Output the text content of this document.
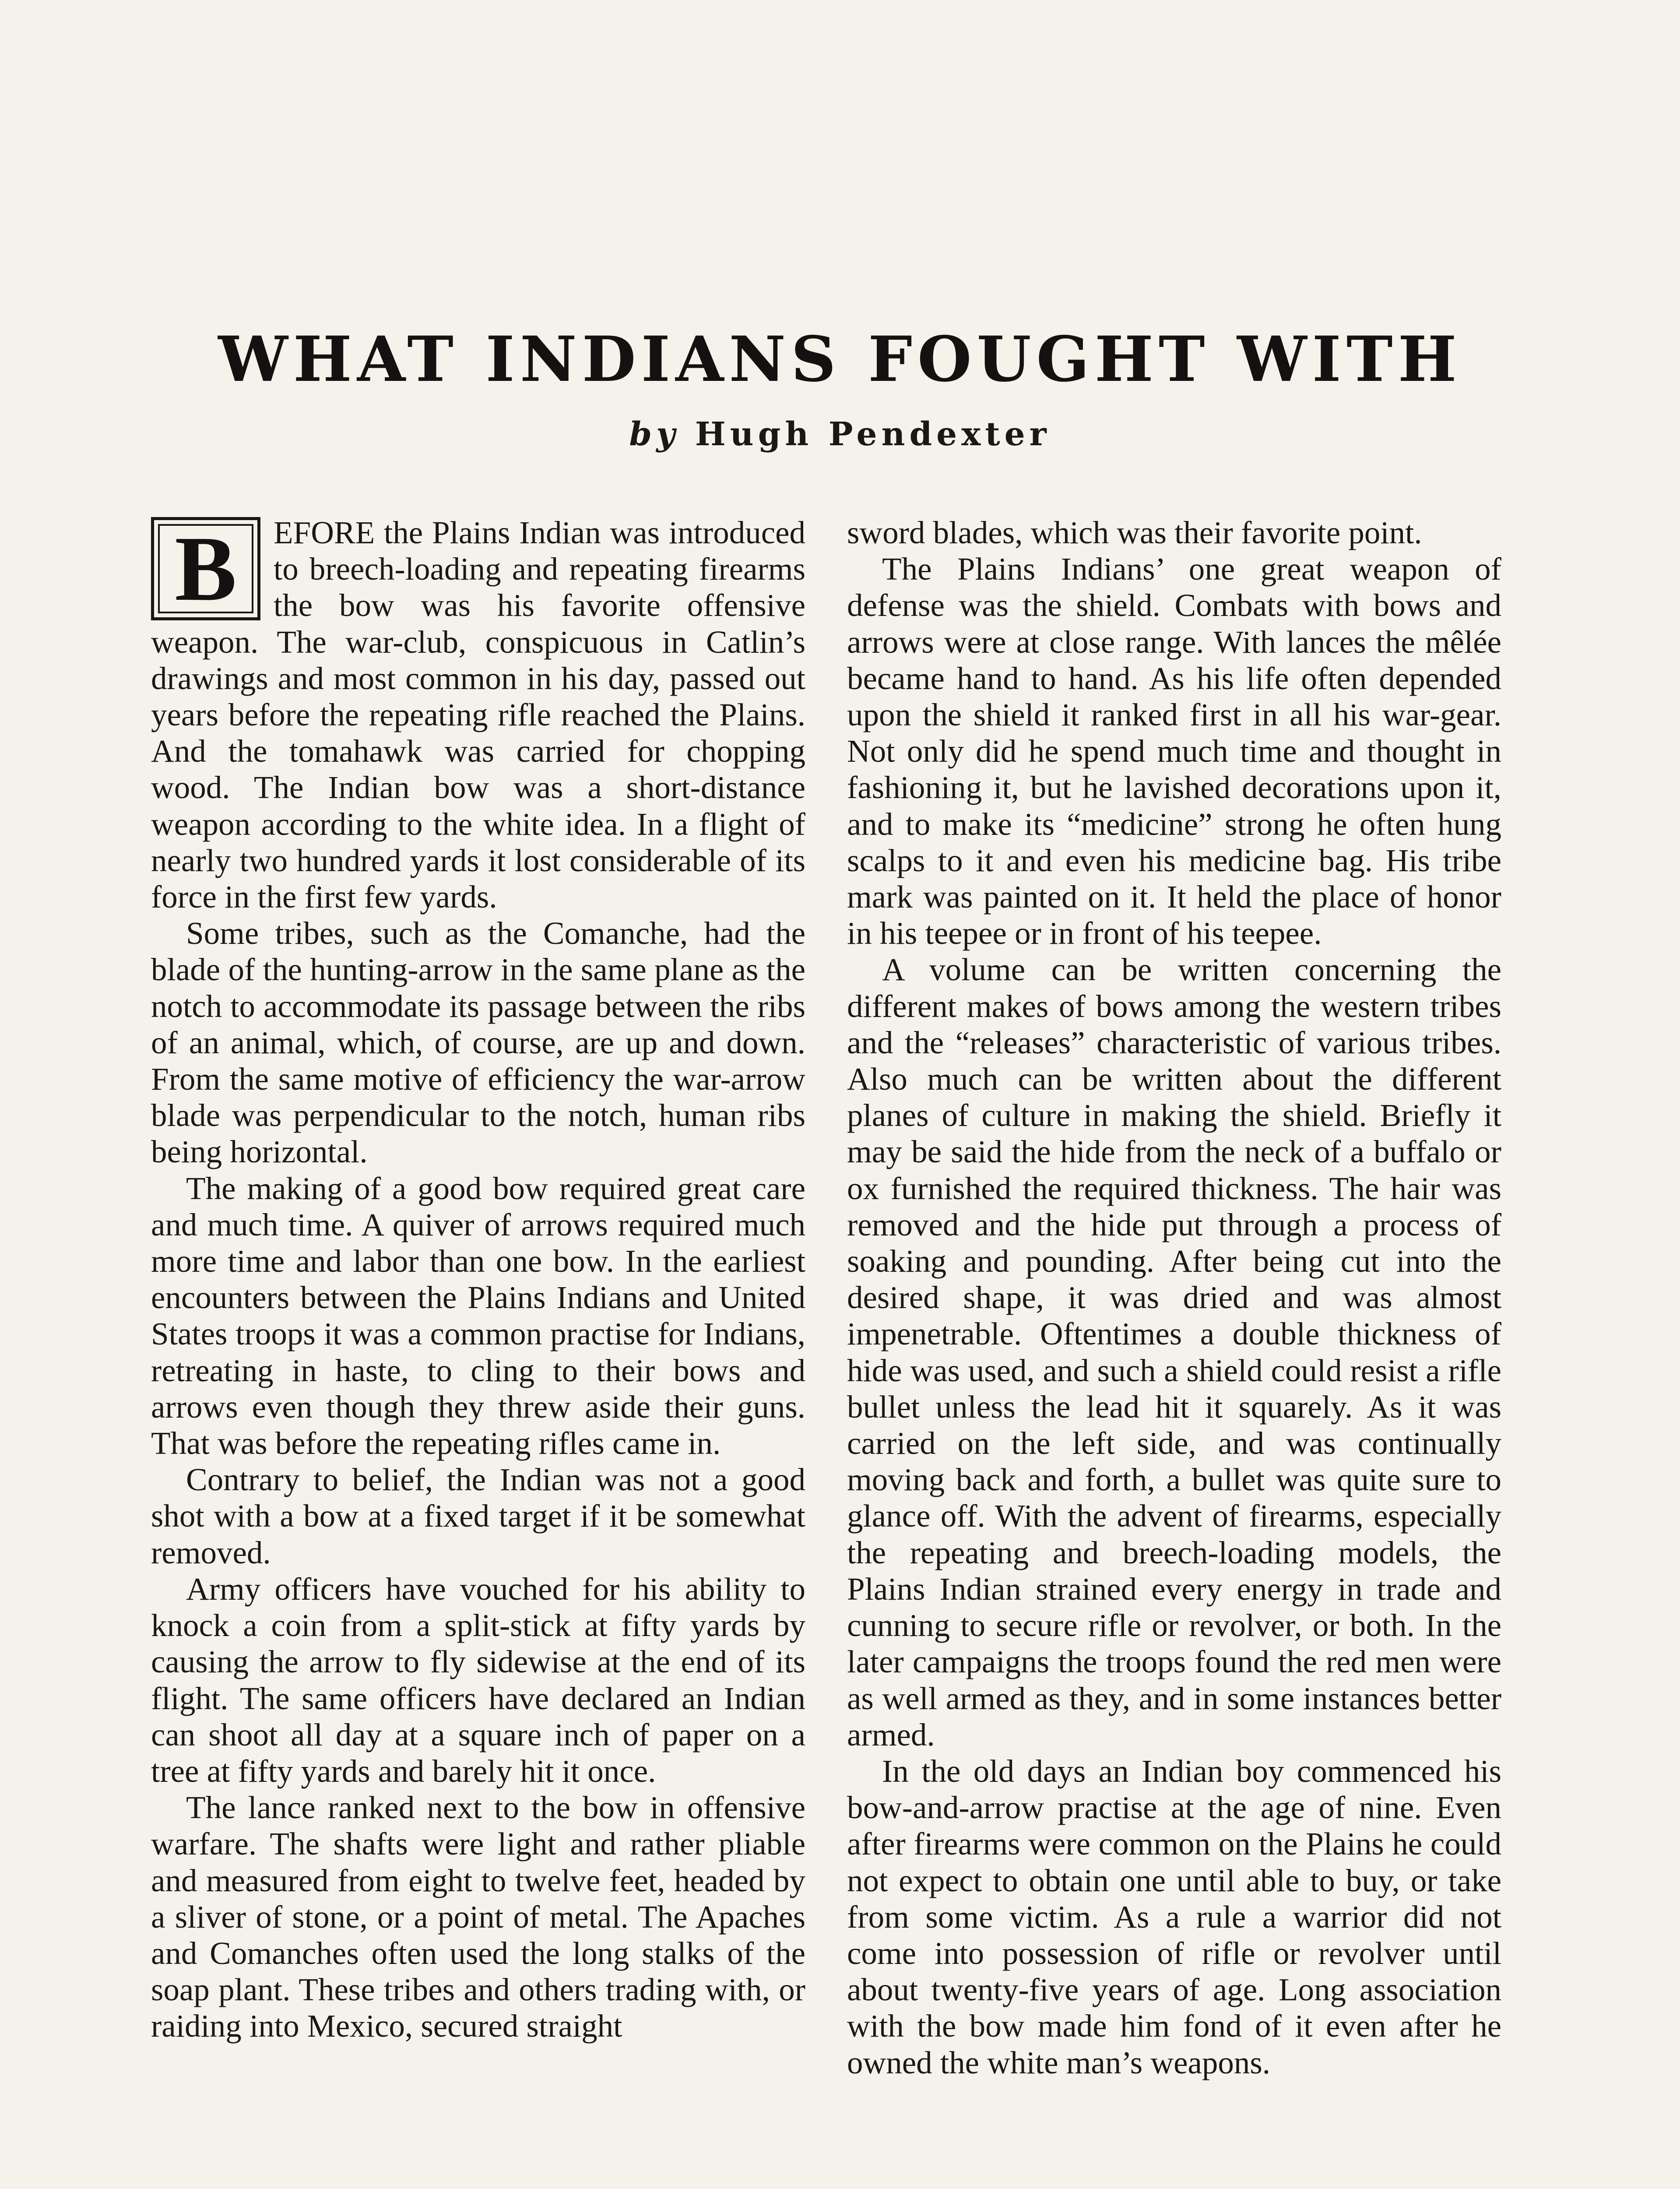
WHAT INDIANS FOUGHT WITH
by Hugh Pendexter

B	EFORE the Plains Indian was introduced to breech-loading and repeating firearms the bow was his favorite offensive weapon. The war-club, conspicuous in Catlin’s drawings and most common in his day, passed out years before the repeating rifle reached the Plains. And the tomahawk was carried for chopping wood. The Indian bow was a short-distance weapon according to the white idea. In a flight of nearly two hundred yards it lost considerable of its force in the first few yards.

Some tribes, such as the Comanche, had the blade of the hunting-arrow in the same plane as the notch to accommodate its passage between the ribs of an animal, which, of course, are up and down. From the same motive of efficiency the war-arrow blade was perpendicular to the notch, human ribs being horizontal.

The making of a good bow required great care and much time. A quiver of arrows required much more time and labor than one bow. In the earliest encounters between the Plains Indians and United States troops it was a common practise for Indians, retreating in haste, to cling to their bows and arrows even though they threw aside their guns. That was before the repeating rifles came in.

Contrary to belief, the Indian was not a good shot with a bow at a fixed target if it be somewhat removed.

Army officers have vouched for his ability to knock a coin from a split-stick at fifty yards by causing the arrow to fly sidewise at the end of its flight. The same officers have declared an Indian can shoot all day at a square inch of paper on a tree at fifty yards and barely hit it once.

The lance ranked next to the bow in offensive warfare. The shafts were light and rather pliable and measured from eight to twelve feet, headed by a sliver of stone, or a point of metal. The Apaches and Comanches often used the long stalks of the soap plant. These tribes and others trading with, or raiding into Mexico, secured straight

sword blades, which was their favorite point.

The Plains Indians’ one great weapon of defense was the shield. Combats with bows and arrows were at close range. With lances the mêlée became hand to hand. As his life often depended upon the shield it ranked first in all his war-gear. Not only did he spend much time and thought in fashioning it, but he lavished decorations upon it, and to make its “medicine” strong he often hung scalps to it and even his medicine bag. His tribe mark was painted on it. It held the place of honor in his teepee or in front of his teepee.

A volume can be written concerning the different makes of bows among the western tribes and the “releases” characteristic of various tribes. Also much can be written about the different planes of culture in making the shield. Briefly it may be said the hide from the neck of a buffalo or ox furnished the required thickness. The hair was removed and the hide put through a process of soaking and pounding. After being cut into the desired shape, it was dried and was almost impenetrable. Oftentimes a double thickness of hide was used, and such a shield could resist a rifle bullet unless the lead hit it squarely. As it was carried on the left side, and was continually moving back and forth, a bullet was quite sure to glance off. With the advent of firearms, especially the repeating and breech-loading models, the Plains Indian strained every energy in trade and cunning to secure rifle or revolver, or both. In the later campaigns the troops found the red men were as well armed as they, and in some instances better armed.

In the old days an Indian boy commenced his bow-and-arrow practise at the age of nine. Even after firearms were common on the Plains he could not expect to obtain one until able to buy, or take from some victim. As a rule a warrior did not come into possession of rifle or revolver until about twenty-five years of age. Long association with the bow made him fond of it even after he owned the white man’s weapons.
